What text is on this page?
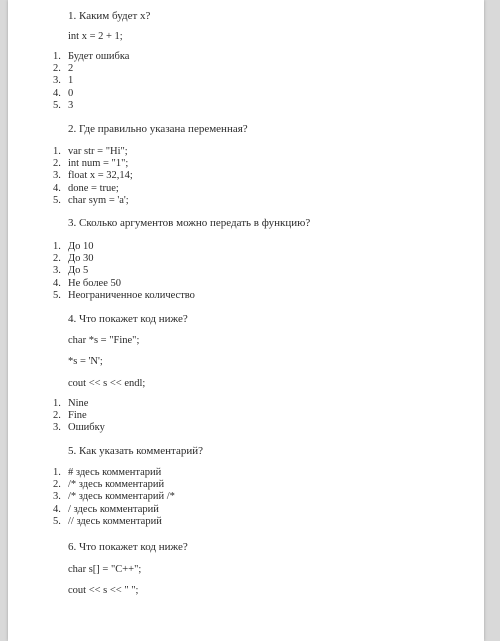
1. Каким будет x?
int x = 2 + 1;
1. Будет ошибка
2. 2
3. 1
4. 0
5. 3
2. Где правильно указана переменная?
1. var str = "Hi";
2. int num = "1";
3. float x = 32,14;
4. done = true;
5. char sym = 'a';
3. Сколько аргументов можно передать в функцию?
1. До 10
2. До 30
3. До 5
4. Не более 50
5. Неограниченное количество
4. Что покажет код ниже?
char *s = "Fine";
*s = 'N';
cout << s << endl;
1. Nine
2. Fine
3. Ошибку
5. Как указать комментарий?
1. # здесь комментарий
2. /* здесь комментарий
3. /* здесь комментарий /*
4. / здесь комментарий
5. // здесь комментарий
6. Что покажет код ниже?
char s[] = "C++";
cout << s << " ";
